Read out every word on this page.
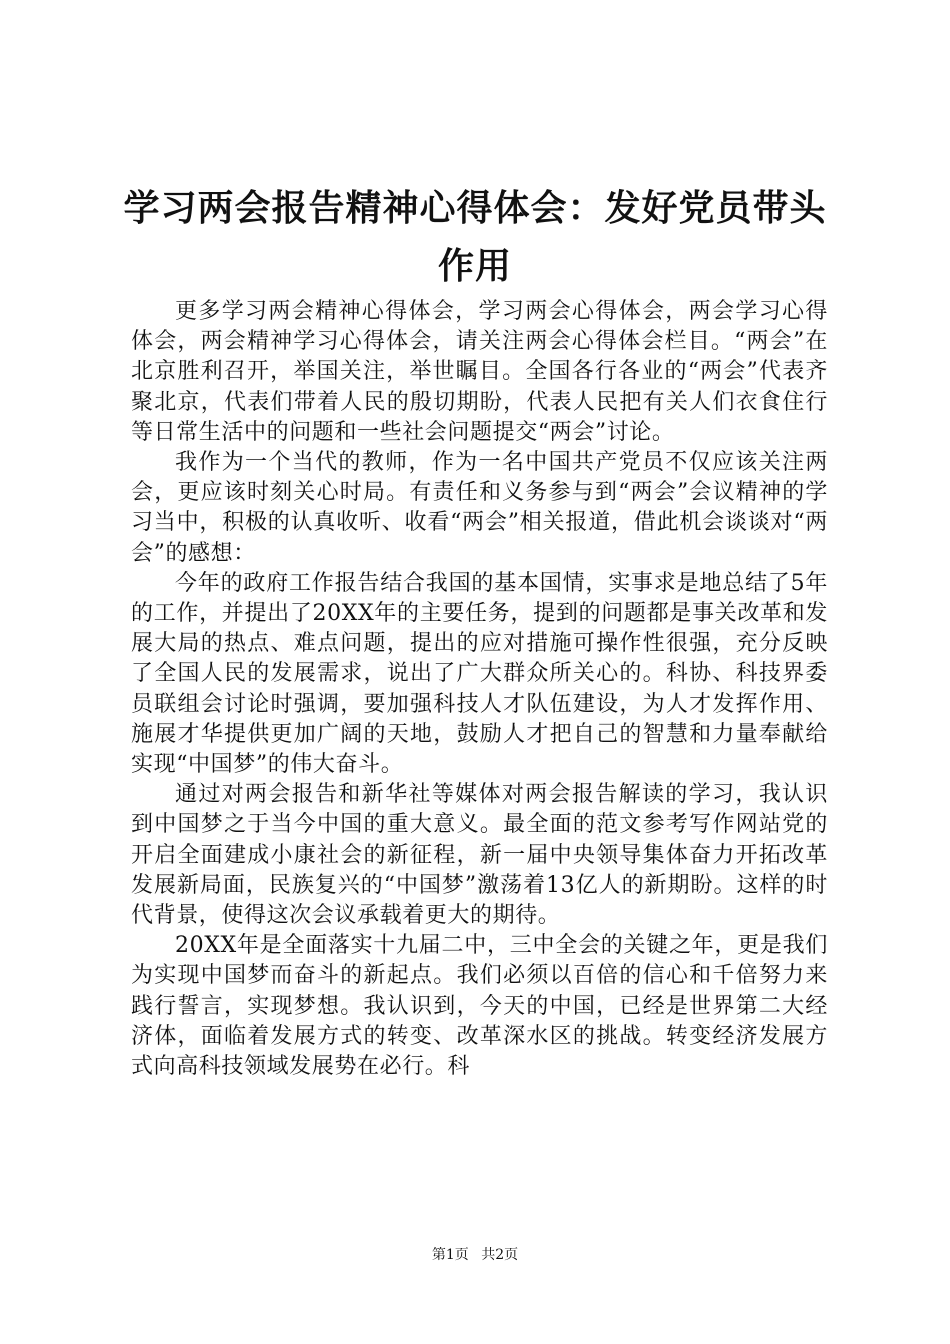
学习两会报告精神心得体会：发好党员带头作用

更多学习两会精神心得体会，学习两会心得体会，两会学习心得体会，两会精神学习心得体会，请关注两会心得体会栏目。“两会”在北京胜利召开，举国关注，举世瞩目。全国各行各业的“两会”代表齐聚北京，代表们带着人民的殷切期盼，代表人民把有关人们衣食住行等日常生活中的问题和一些社会问题提交“两会”讨论。

我作为一个当代的教师，作为一名中国共产党员不仅应该关注两会，更应该时刻关心时局。有责任和义务参与到“两会”会议精神的学习当中，积极的认真收听、收看“两会”相关报道，借此机会谈谈对“两会”的感想：

今年的政府工作报告结合我国的基本国情，实事求是地总结了5年的工作，并提出了20XX年的主要任务，提到的问题都是事关改革和发展大局的热点、难点问题，提出的应对措施可操作性很强，充分反映了全国人民的发展需求，说出了广大群众所关心的。科协、科技界委员联组会讨论时强调，要加强科技人才队伍建设，为人才发挥作用、施展才华提供更加广阔的天地，鼓励人才把自己的智慧和力量奉献给实现“中国梦”的伟大奋斗。

通过对两会报告和新华社等媒体对两会报告解读的学习，我认识到中国梦之于当今中国的重大意义。最全面的范文参考写作网站党的开启全面建成小康社会的新征程，新一届中央领导集体奋力开拓改革发展新局面，民族复兴的“中国梦”激荡着13亿人的新期盼。这样的时代背景，使得这次会议承载着更大的期待。

20XX年是全面落实十九届二中，三中全会的关键之年，更是我们为实现中国梦而奋斗的新起点。我们必须以百倍的信心和千倍努力来践行誓言，实现梦想。我认识到，今天的中国，已经是世界第二大经济体，面临着发展方式的转变、改革深水区的挑战。转变经济发展方式向高科技领域发展势在必行。科

第1页 共2页
